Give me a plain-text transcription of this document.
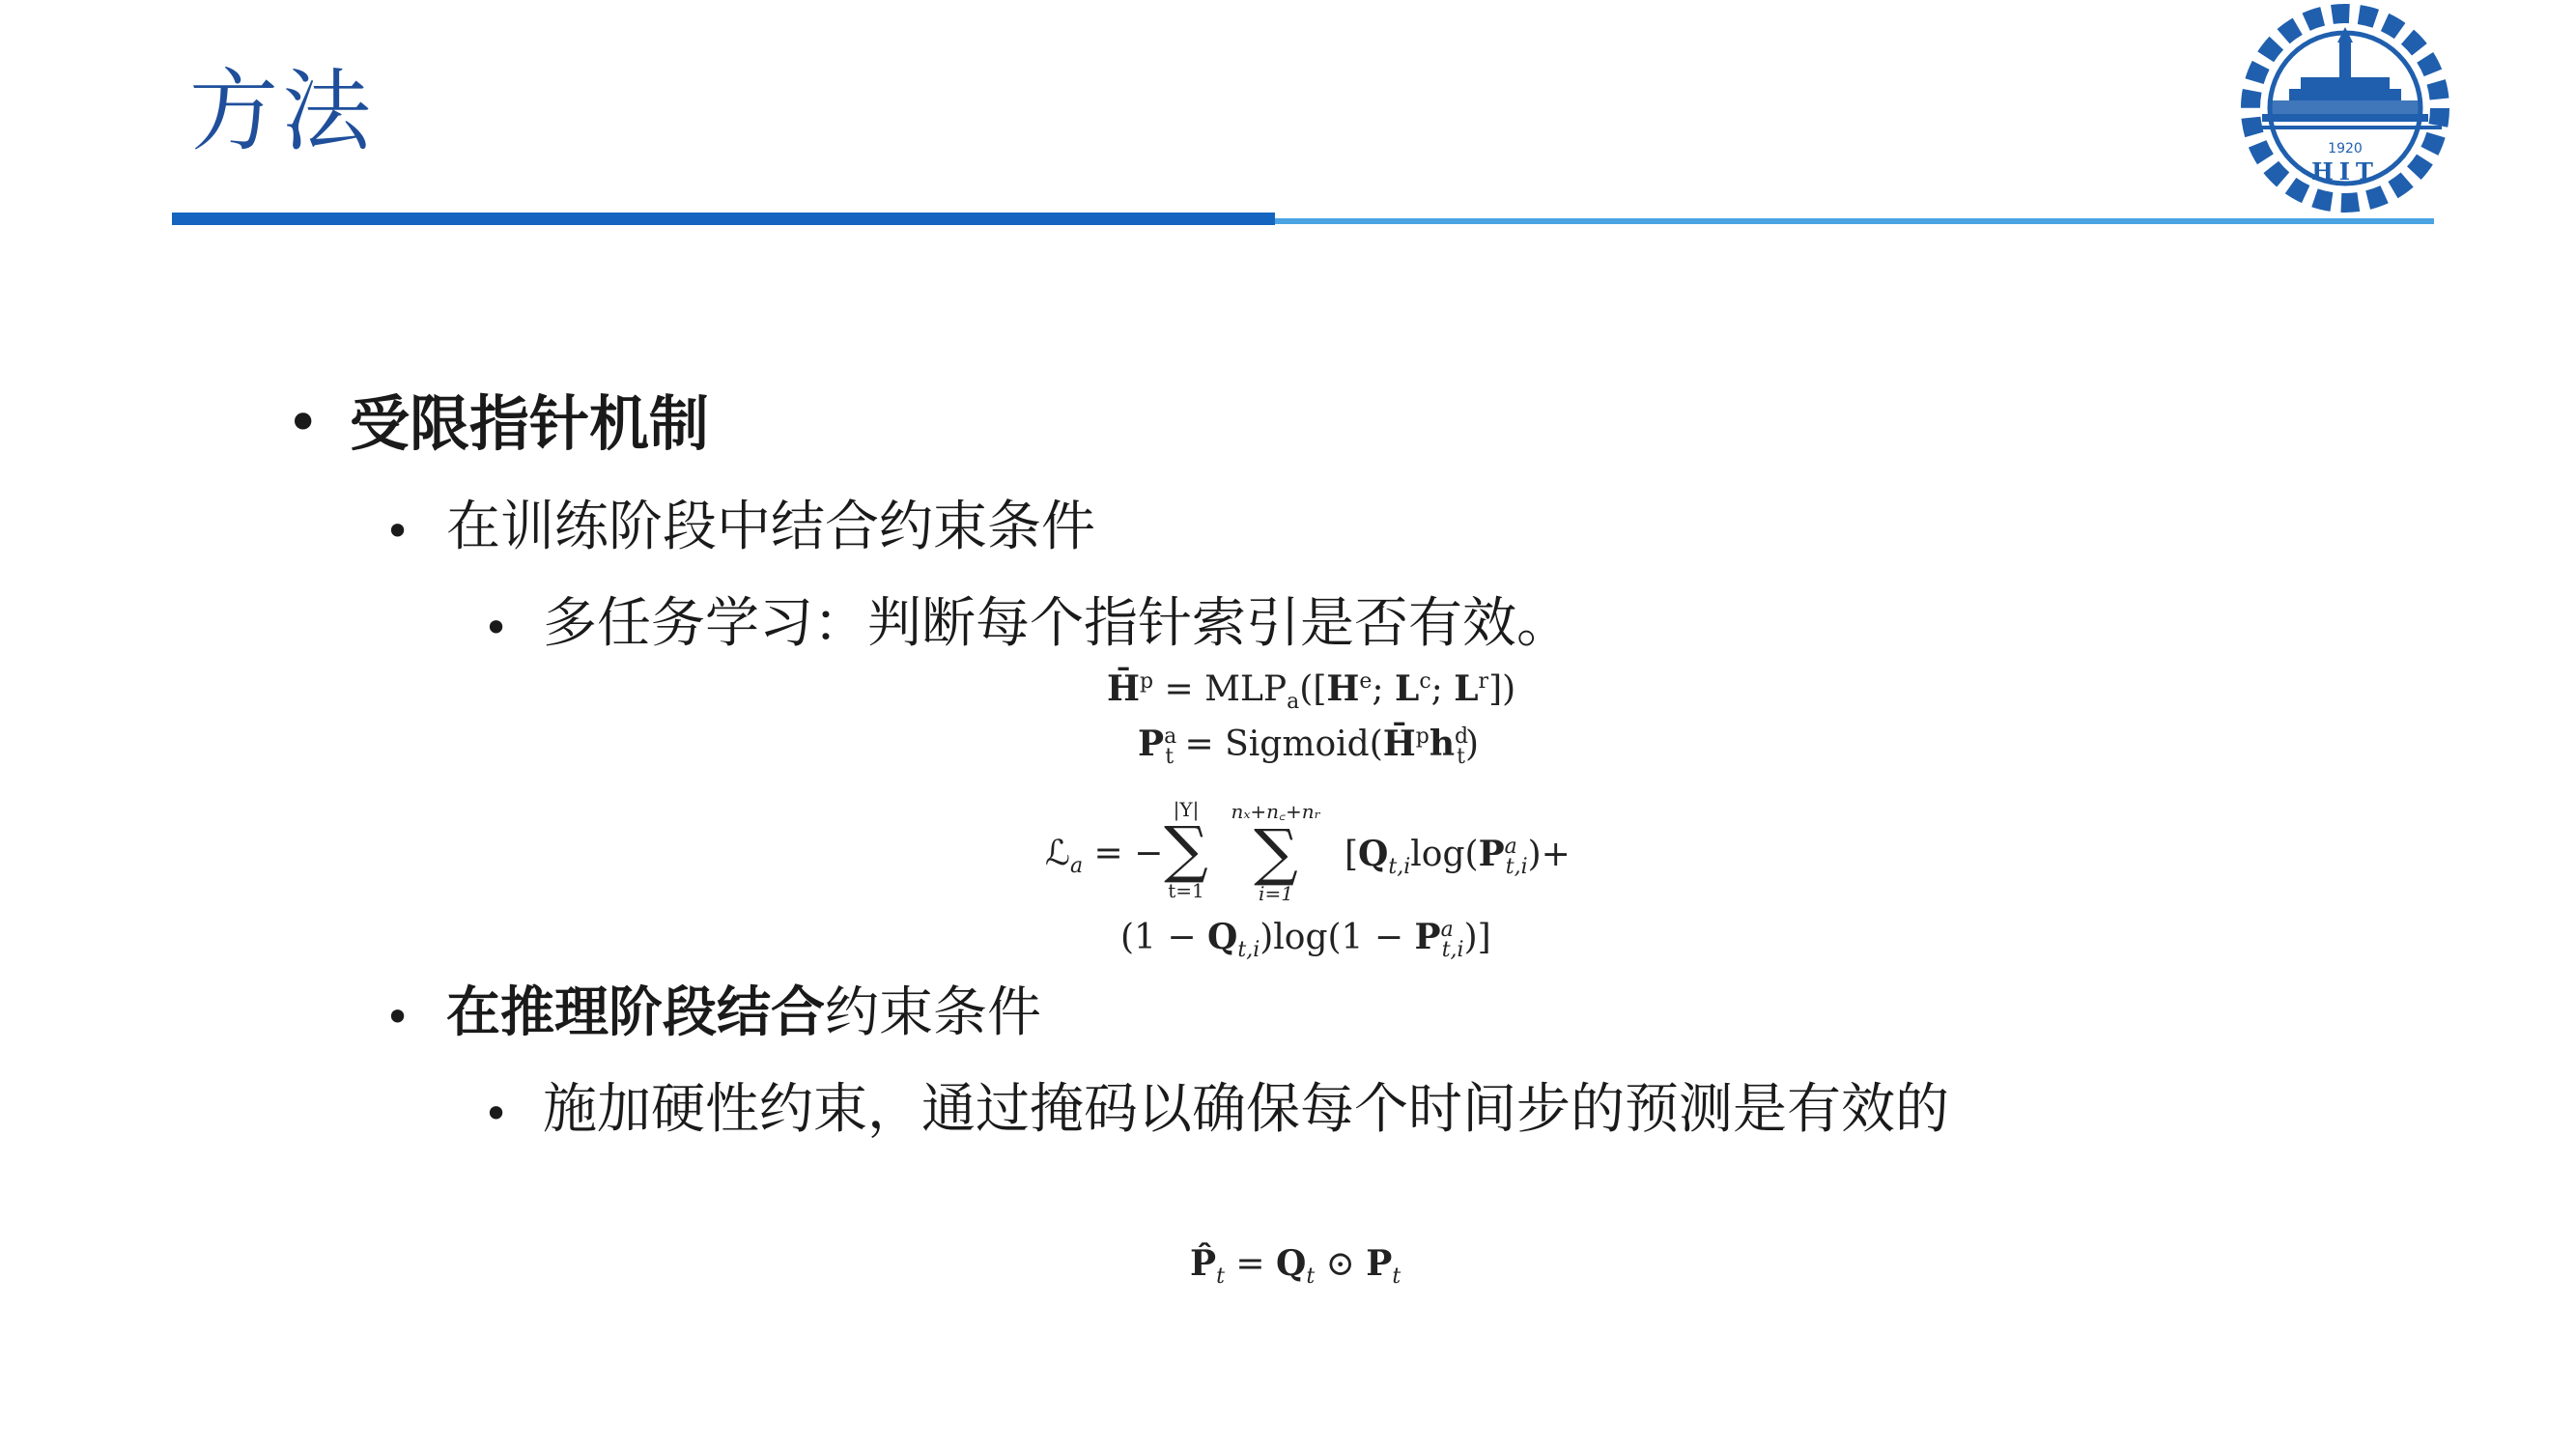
方法	1920
HIT
• 受限指针机制
• 在训练阶段中结合约束条件
• 多任务学习：判断每个指针索引是否有效。
H̄$^p$ = $MLP_a([H^e$; $L^c$; $L^r$])
$P^a_t$ = $Sigmoid(H̄^ph^d_t)$
ℒ$_a$ = −
|Y|
∑
t=1
nₓ+n꜀+nᵣ
∑
i=1
[$Q_{t,i}\log(P^a_{t,i})+$
$(1 - Q_{t,i})\log(1 - P^a_{t,i})$]
• 在推理阶段结合约束条件
• 施加硬性约束，通过掩码以确保每个时间步的预测是有效的
$P̂_t = Q_t$ ⊙ $P_t$
